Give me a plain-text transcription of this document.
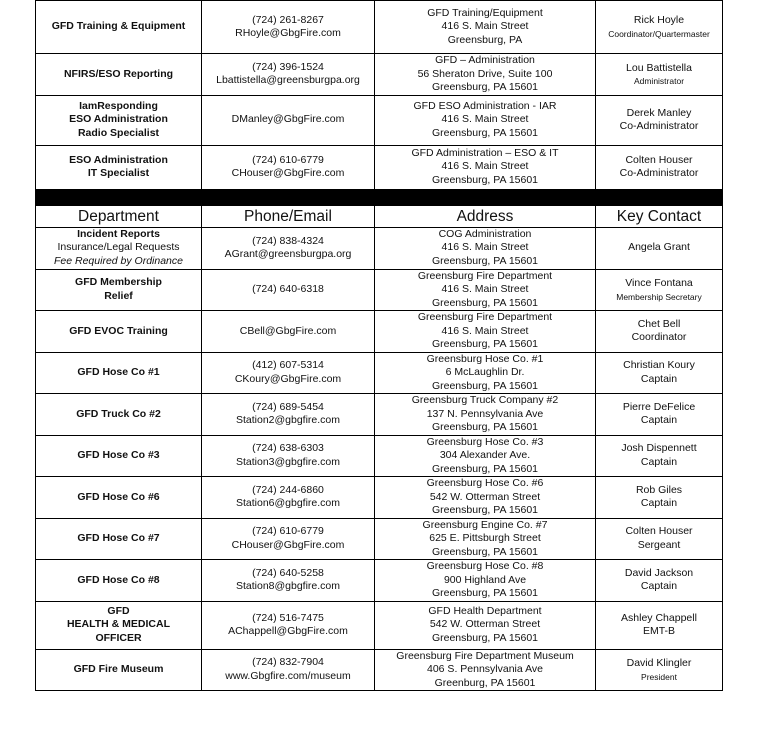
GFD Training & Equipment	(724) 261-8267
RHoyle@GbgFire.com	GFD Training/Equipment
416 S. Main Street
Greensburg, PA	Rick Hoyle
Coordinator/Quartermaster

NFIRS/ESO Reporting	(724) 396-1524
Lbattistella@greensburgpa.org	GFD – Administration
56 Sheraton Drive, Suite 100
Greensburg, PA 15601	Lou Battistella
Administrator

IamResponding
ESO Administration
Radio Specialist	DManley@GbgFire.com	GFD ESO Administration - IAR
416 S. Main Street
Greensburg, PA 15601	Derek Manley
Co-Administrator

ESO Administration
IT Specialist	(724) 610-6779
CHouser@GbgFire.com	GFD Administration – ESO & IT
416 S. Main Street
Greensburg, PA 15601	Colten Houser
Co-Administrator

Department	Phone/Email	Address	Key Contact

Incident Reports
Insurance/Legal Requests
Fee Required by Ordinance	(724) 838-4324
AGrant@greensburgpa.org	COG Administration
416 S. Main Street
Greensburg, PA 15601	Angela Grant

GFD Membership
Relief	(724) 640-6318	Greensburg Fire Department
416 S. Main Street
Greensburg, PA 15601	Vince Fontana
Membership Secretary

GFD EVOC Training	CBell@GbgFire.com	Greensburg Fire Department
416 S. Main Street
Greensburg, PA 15601	Chet Bell
Coordinator

GFD Hose Co #1	(412) 607-5314
CKoury@GbgFire.com	Greensburg Hose Co. #1
6 McLaughlin Dr.
Greensburg, PA 15601	Christian Koury
Captain

GFD Truck Co #2	(724) 689-5454
Station2@gbgfire.com	Greensburg Truck Company #2
137 N. Pennsylvania Ave
Greensburg, PA 15601	Pierre DeFelice
Captain

GFD Hose Co #3	(724) 638-6303
Station3@gbgfire.com	Greensburg Hose Co. #3
304 Alexander Ave.
Greensburg, PA 15601	Josh Dispennett
Captain

GFD Hose Co #6	(724) 244-6860
Station6@gbgfire.com	Greensburg Hose Co. #6
542 W. Otterman Street
Greensburg, PA 15601	Rob Giles
Captain

GFD Hose Co #7	(724) 610-6779
CHouser@GbgFire.com	Greensburg Engine Co. #7
625 E. Pittsburgh Street
Greensburg, PA 15601	Colten Houser
Sergeant

GFD Hose Co #8	(724) 640-5258
Station8@gbgfire.com	Greensburg Hose Co. #8
900 Highland Ave
Greensburg, PA 15601	David Jackson
Captain

GFD
HEALTH & MEDICAL
OFFICER	(724) 516-7475
AChappell@GbgFire.com	GFD Health Department
542 W. Otterman Street
Greensburg, PA 15601	Ashley Chappell
EMT-B

GFD Fire Museum	(724) 832-7904
www.Gbgfire.com/museum	Greensburg Fire Department Museum
406 S. Pennsylvania Ave
Greenburg, PA 15601	David Klingler
President
